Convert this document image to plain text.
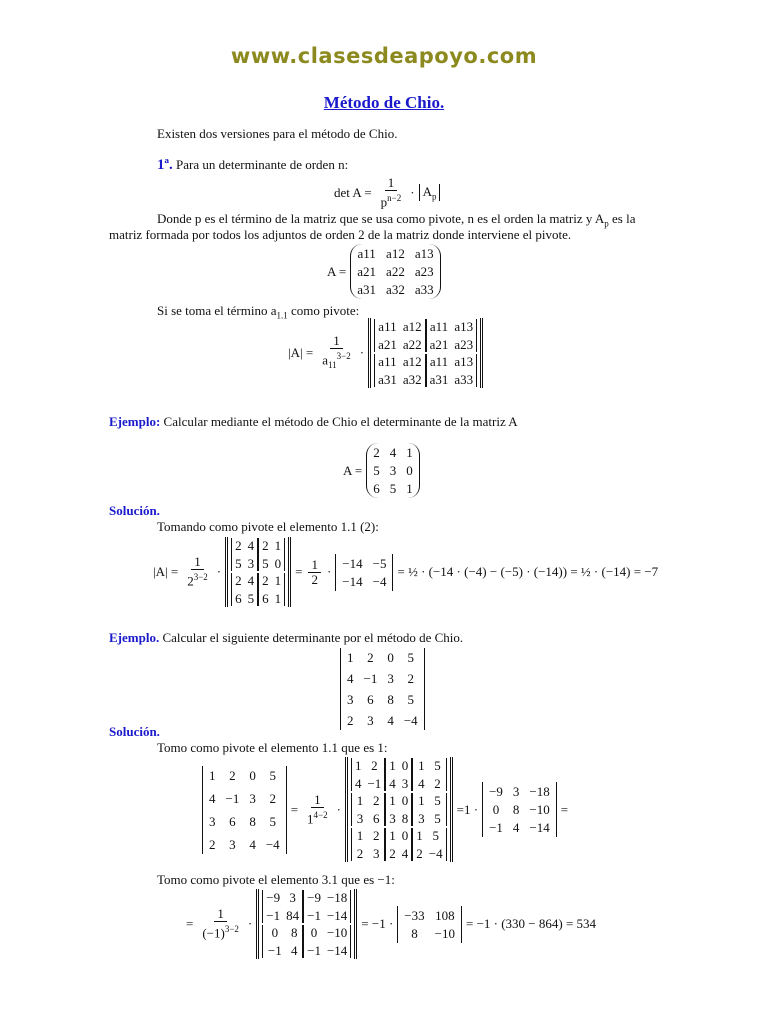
www.clasesdeapoyo.com
Método de Chio.
Existen dos versiones para el método de Chio.
1ª. Para un determinante de orden n:
$\det A = \frac{1}{p^{n-2}} \cdot A_p$
Donde p es el término de la matriz que se usa como pivote, n es el orden la matriz y $A_p$ es la
matriz formada por todos los adjuntos de orden 2 de la matriz donde interviene el pivote.
A =
a11 a12 a13
a21 a22 a23
a31 a32 a33
Si se toma el término $a_{1.1}$ como pivote:
$|A| = \frac{1}{a_{11}^{3-2}}$ ·
a11 a12
a21 a22
a11 a13
a21 a23
a11 a12
a31 a32
a11 a13
a31 a33
Ejemplo: Calcular mediante el método de Chio el determinante de la matriz A
A =
2 4 1
5 3 0
6 5 1
Solución.
Tomando como pivote el elemento 1.1 (2):
$|A| = \frac{1}{2^{3-2}}$ ·
2 4
5 3
2 1
5 0
2 4
6 5
2 1
6 1
= $\frac{1}{2}$ ·
−14 −5
−14 −4
= ½ · (−14 · (−4) − (−5) · (−14)) = ½ · (−14) = −7
Ejemplo. Calcular el siguiente determinante por el método de Chio.
1 2 0 5
4 −1 3 2
3 6 8 5
2 3 4 −4
Solución.
Tomo como pivote el elemento 1.1 que es 1:
1 2 0 5
4 −1 3 2
3 6 8 5
2 3 4 −4
= $\frac{1}{1^{4-2}}$ ·
1 2
4 −1
1 0
4 3
1 5
4 2
1 2
3 6
1 0
3 8
1 5
3 5
1 2
2 3
1 0
2 4
1 5
2 −4
=1 ·
−9 3 −18
0 8 −10
−1 4 −14
=
Tomo como pivote el elemento 3.1 que es −1:
= $\frac{1}{(-1)^{3-2}}$ ·
−9 3
−1 84
−9 −18
−1 −14
0 8
−1 4
0 −10
−1 −14
= −1 ·
−33 108
8	−10
= −1 · (330 − 864) = 534
